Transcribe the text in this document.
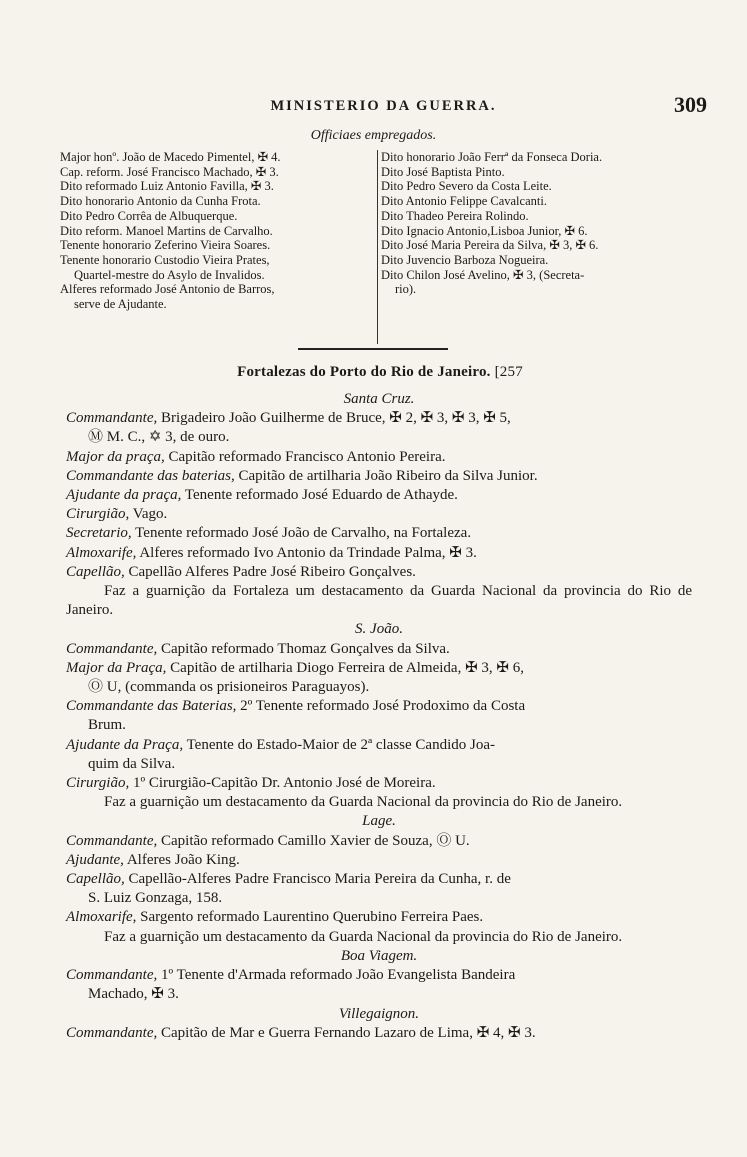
MINISTERIO DA GUERRA.	309
Officiaes empregados.
Major honº. João de Macedo Pimentel, ✠ 4.
Cap. reform. José Francisco Machado, ✠ 3.
Dito reformado Luiz Antonio Favilla, ✠ 3.
Dito honorario Antonio da Cunha Frota.
Dito Pedro Corrêa de Albuquerque.
Dito reform. Manoel Martins de Carvalho.
Tenente honorario Zeferino Vieira Soares.
Tenente honorario Custodio Vieira Prates,
Quartel-mestre do Asylo de Invalidos.
Alferes reformado José Antonio de Barros,
serve de Ajudante.
Dito honorario João Ferrª da Fonseca Doria.
Dito José Baptista Pinto.
Dito Pedro Severo da Costa Leite.
Dito Antonio Felippe Cavalcanti.
Dito Thadeo Pereira Rolindo.
Dito Ignacio Antonio,Lisboa Junior, ✠ 6.
Dito José Maria Pereira da Silva, ✠ 3, ✠ 6.
Dito Juvencio Barboza Nogueira.
Dito Chilon José Avelino, ✠ 3, (Secreta-
rio).
Fortalezas do Porto do Rio de Janeiro. [257

Santa Cruz.

Commandante, Brigadeiro João Guilherme de Bruce, ✠ 2, ✠ 3, ✠ 3, ✠ 5,

Ⓜ M. C., ✡ 3, de ouro.

Major da praça, Capitão reformado Francisco Antonio Pereira.

Commandante das baterias, Capitão de artilharia João Ribeiro da Silva Junior.

Ajudante da praça, Tenente reformado José Eduardo de Athayde.

Cirurgião, Vago.

Secretario, Tenente reformado José João de Carvalho, na Fortaleza.

Almoxarife, Alferes reformado Ivo Antonio da Trindade Palma, ✠ 3.

Capellão, Capellão Alferes Padre José Ribeiro Gonçalves.

Faz a guarnição da Fortaleza um destacamento da Guarda Nacional da provincia do Rio de Janeiro.

S. João.

Commandante, Capitão reformado Thomaz Gonçalves da Silva.

Major da Praça, Capitão de artilharia Diogo Ferreira de Almeida, ✠ 3, ✠ 6,

Ⓞ U, (commanda os prisioneiros Paraguayos).

Commandante das Baterias, 2º Tenente reformado José Prodoximo da Costa

Brum.

Ajudante da Praça, Tenente do Estado-Maior de 2ª classe Candido Joa-

quim da Silva.

Cirurgião, 1º Cirurgião-Capitão Dr. Antonio José de Moreira.

Faz a guarnição um destacamento da Guarda Nacional da provincia do Rio de Janeiro.

Lage.

Commandante, Capitão reformado Camillo Xavier de Souza, Ⓞ U.

Ajudante, Alferes João King.

Capellão, Capellão-Alferes Padre Francisco Maria Pereira da Cunha, r. de

S. Luiz Gonzaga, 158.

Almoxarife, Sargento reformado Laurentino Querubino Ferreira Paes.

Faz a guarnição um destacamento da Guarda Nacional da provincia do Rio de Janeiro.

Boa Viagem.

Commandante, 1º Tenente d'Armada reformado João Evangelista Bandeira

Machado, ✠ 3.

Villegaignon.

Commandante, Capitão de Mar e Guerra Fernando Lazaro de Lima, ✠ 4, ✠ 3.
